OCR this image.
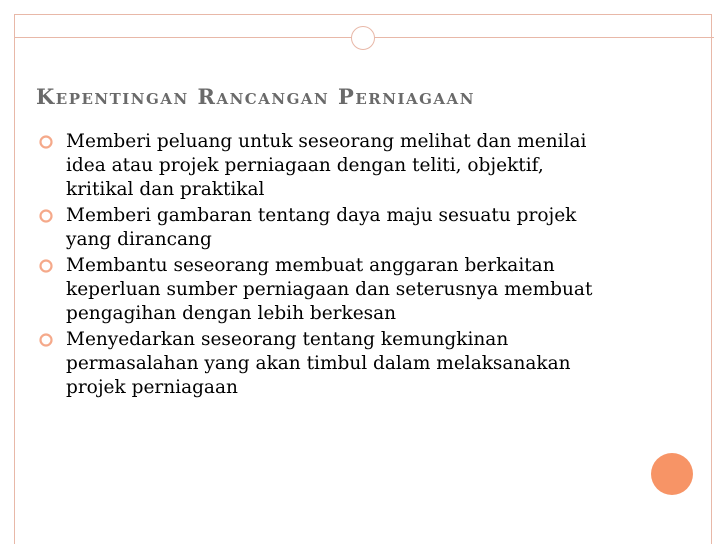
KEPENTINGAN RANCANGAN PERNIAGAAN
Memberi peluang untuk seseorang melihat dan menilai idea atau projek perniagaan dengan teliti, objektif, kritikal dan praktikal
Memberi gambaran tentang daya maju sesuatu projek yang dirancang
Membantu seseorang membuat anggaran berkaitan keperluan sumber perniagaan dan seterusnya membuat pengagihan dengan lebih berkesan
Menyedarkan seseorang tentang kemungkinan permasalahan yang akan timbul dalam melaksanakan projek perniagaan
